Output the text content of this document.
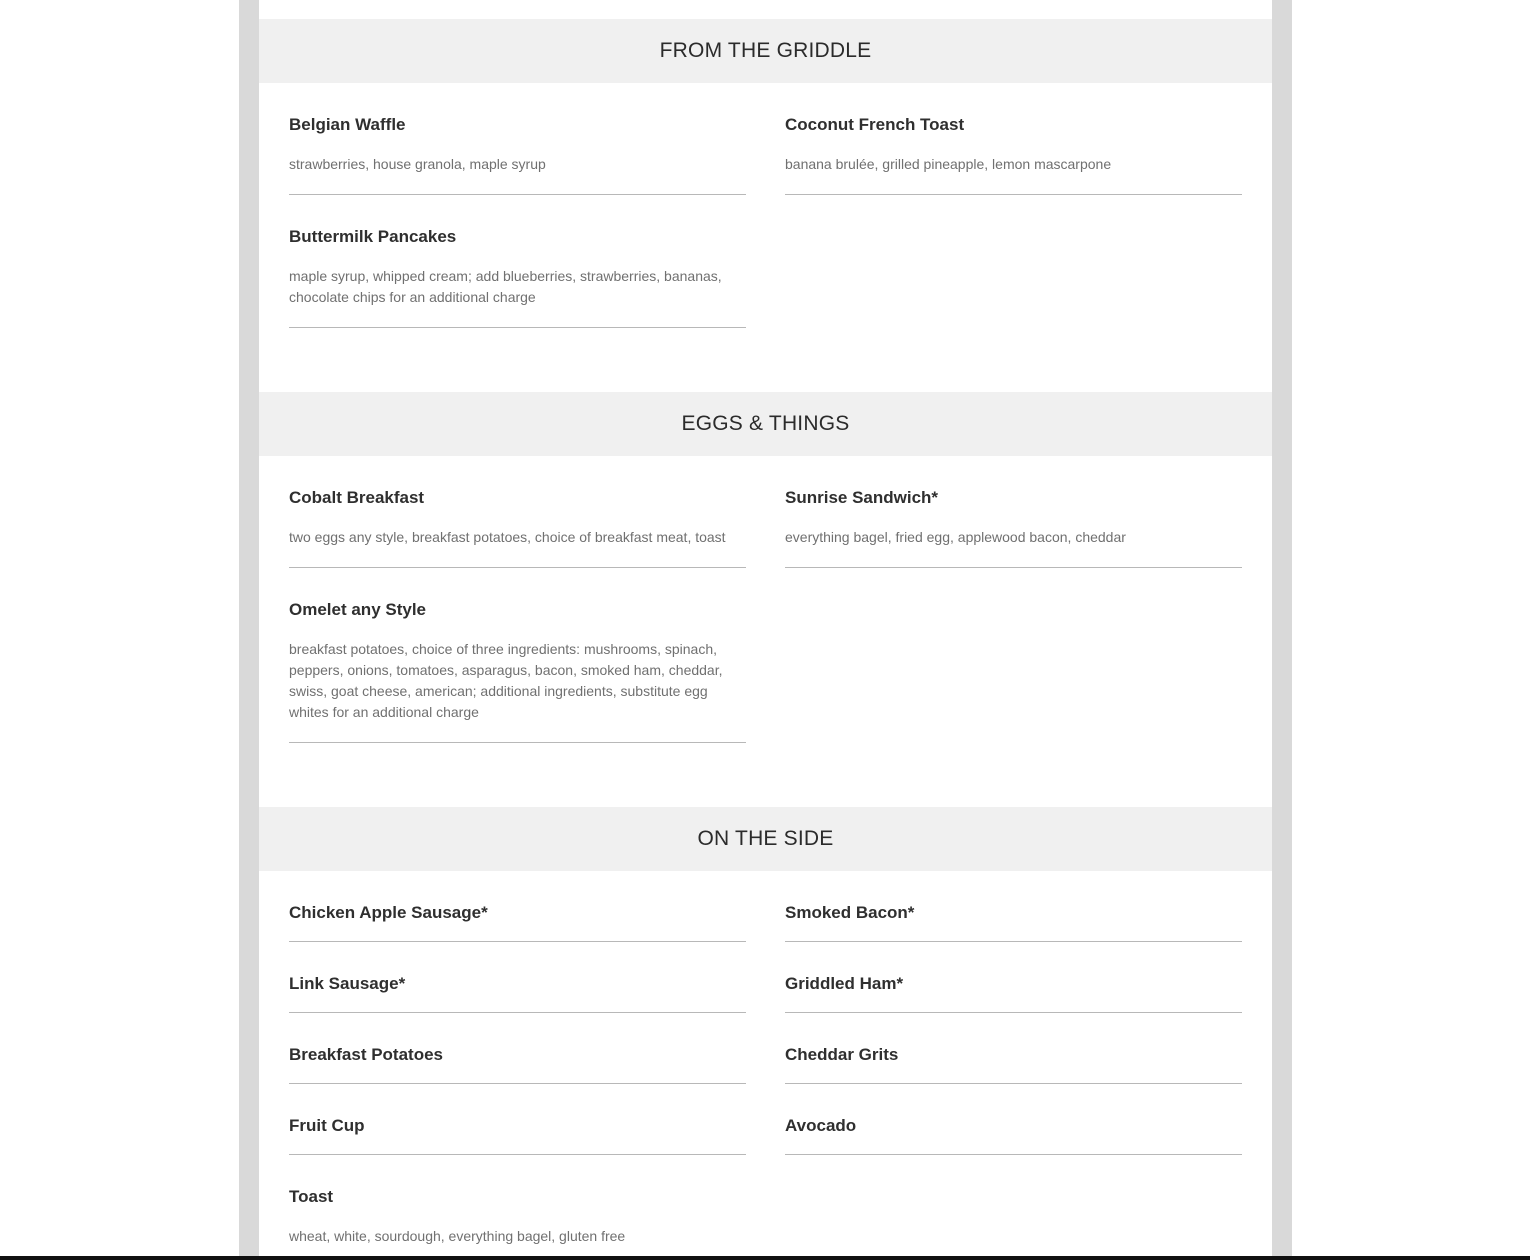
FROM THE GRIDDLE
Belgian Waffle
strawberries, house granola, maple syrup
Coconut French Toast
banana brulée, grilled pineapple, lemon mascarpone
Buttermilk Pancakes
maple syrup, whipped cream; add blueberries, strawberries, bananas, chocolate chips for an additional charge
EGGS & THINGS
Cobalt Breakfast
two eggs any style, breakfast potatoes, choice of breakfast meat, toast
Sunrise Sandwich*
everything bagel, fried egg, applewood bacon, cheddar
Omelet any Style
breakfast potatoes, choice of three ingredients: mushrooms, spinach, peppers, onions, tomatoes, asparagus, bacon, smoked ham, cheddar, swiss, goat cheese, american; additional ingredients, substitute egg whites for an additional charge
ON THE SIDE
Chicken Apple Sausage*	Smoked Bacon*
Link Sausage*	Griddled Ham*
Breakfast Potatoes	Cheddar Grits
Fruit Cup	Avocado
Toast
wheat, white, sourdough, everything bagel, gluten free
